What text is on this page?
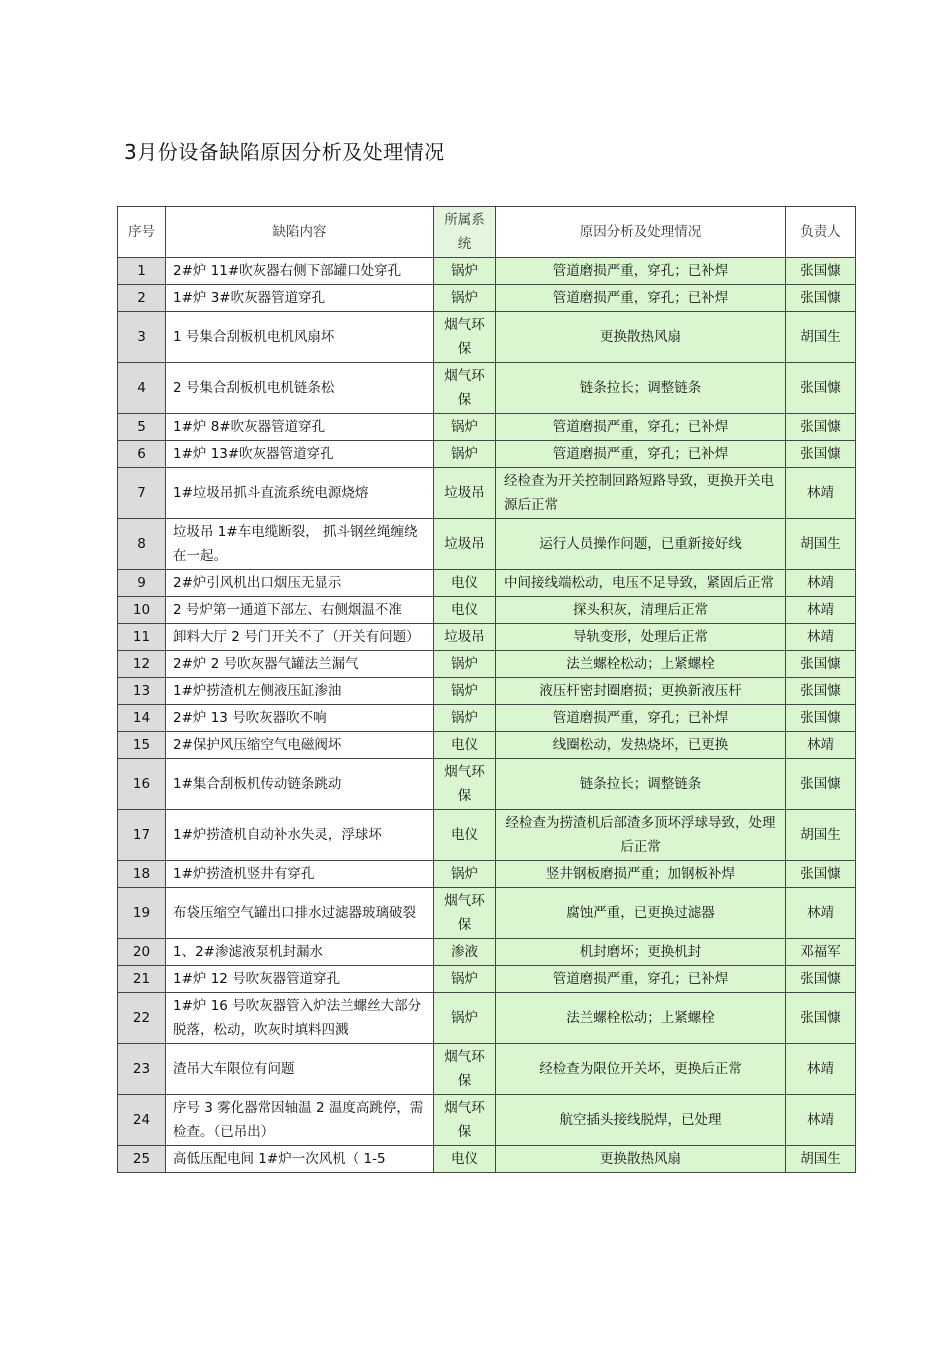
3月份设备缺陷原因分析及处理情况
序号	缺陷内容	所属系统	原因分析及处理情况	负责人
1	2#炉 11#吹灰器右侧下部罐口处穿孔	锅炉	管道磨损严重，穿孔；已补焊	张国慷
2	1#炉 3#吹灰器管道穿孔	锅炉	管道磨损严重，穿孔；已补焊	张国慷
3	1 号集合刮板机电机风扇坏	烟气环保	更换散热风扇	胡国生
4	2 号集合刮板机电机链条松	烟气环保	链条拉长；调整链条	张国慷
5	1#炉 8#吹灰器管道穿孔	锅炉	管道磨损严重，穿孔；已补焊	张国慷
6	1#炉 13#吹灰器管道穿孔	锅炉	管道磨损严重，穿孔；已补焊	张国慷
7	1#垃圾吊抓斗直流系统电源烧熔	垃圾吊	经检查为开关控制回路短路导致，更换开关电源后正常	林靖
8	垃圾吊 1#车电缆断裂， 抓斗钢丝绳缠绕在一起。	垃圾吊	运行人员操作问题，已重新接好线	胡国生
9	2#炉引风机出口烟压无显示	电仪	中间接线端松动，电压不足导致，紧固后正常	林靖
10	2 号炉第一通道下部左、右侧烟温不准	电仪	探头积灰，清理后正常	林靖
11	卸料大厅 2 号门开关不了（开关有问题）	垃圾吊	导轨变形，处理后正常	林靖
12	2#炉 2 号吹灰器气罐法兰漏气	锅炉	法兰螺栓松动；上紧螺栓	张国慷
13	1#炉捞渣机左侧液压缸渗油	锅炉	液压杆密封圈磨损；更换新液压杆	张国慷
14	2#炉 13 号吹灰器吹不响	锅炉	管道磨损严重，穿孔；已补焊	张国慷
15	2#保护风压缩空气电磁阀坏	电仪	线圈松动，发热烧坏，已更换	林靖
16	1#集合刮板机传动链条跳动	烟气环保	链条拉长；调整链条	张国慷
17	1#炉捞渣机自动补水失灵，浮球坏	电仪	经检查为捞渣机后部渣多顶坏浮球导致，处理后正常	胡国生
18	1#炉捞渣机竖井有穿孔	锅炉	竖井钢板磨损严重；加钢板补焊	张国慷
19	布袋压缩空气罐出口排水过滤器玻璃破裂	烟气环保	腐蚀严重，已更换过滤器	林靖
20	1、2#渗滤液泵机封漏水	渗液	机封磨坏；更换机封	邓福军
21	1#炉 12 号吹灰器管道穿孔	锅炉	管道磨损严重，穿孔；已补焊	张国慷
22	1#炉 16 号吹灰器管入炉法兰螺丝大部分脱落，松动，吹灰时填料四溅	锅炉	法兰螺栓松动；上紧螺栓	张国慷
23	渣吊大车限位有问题	烟气环保	经检查为限位开关坏，更换后正常	林靖
24	序号 3 雾化器常因轴温 2 温度高跳停，需检查。（已吊出）	烟气环保	航空插头接线脱焊，已处理	林靖
25	高低压配电间 1#炉一次风机（ 1-5	电仪	更换散热风扇	胡国生
